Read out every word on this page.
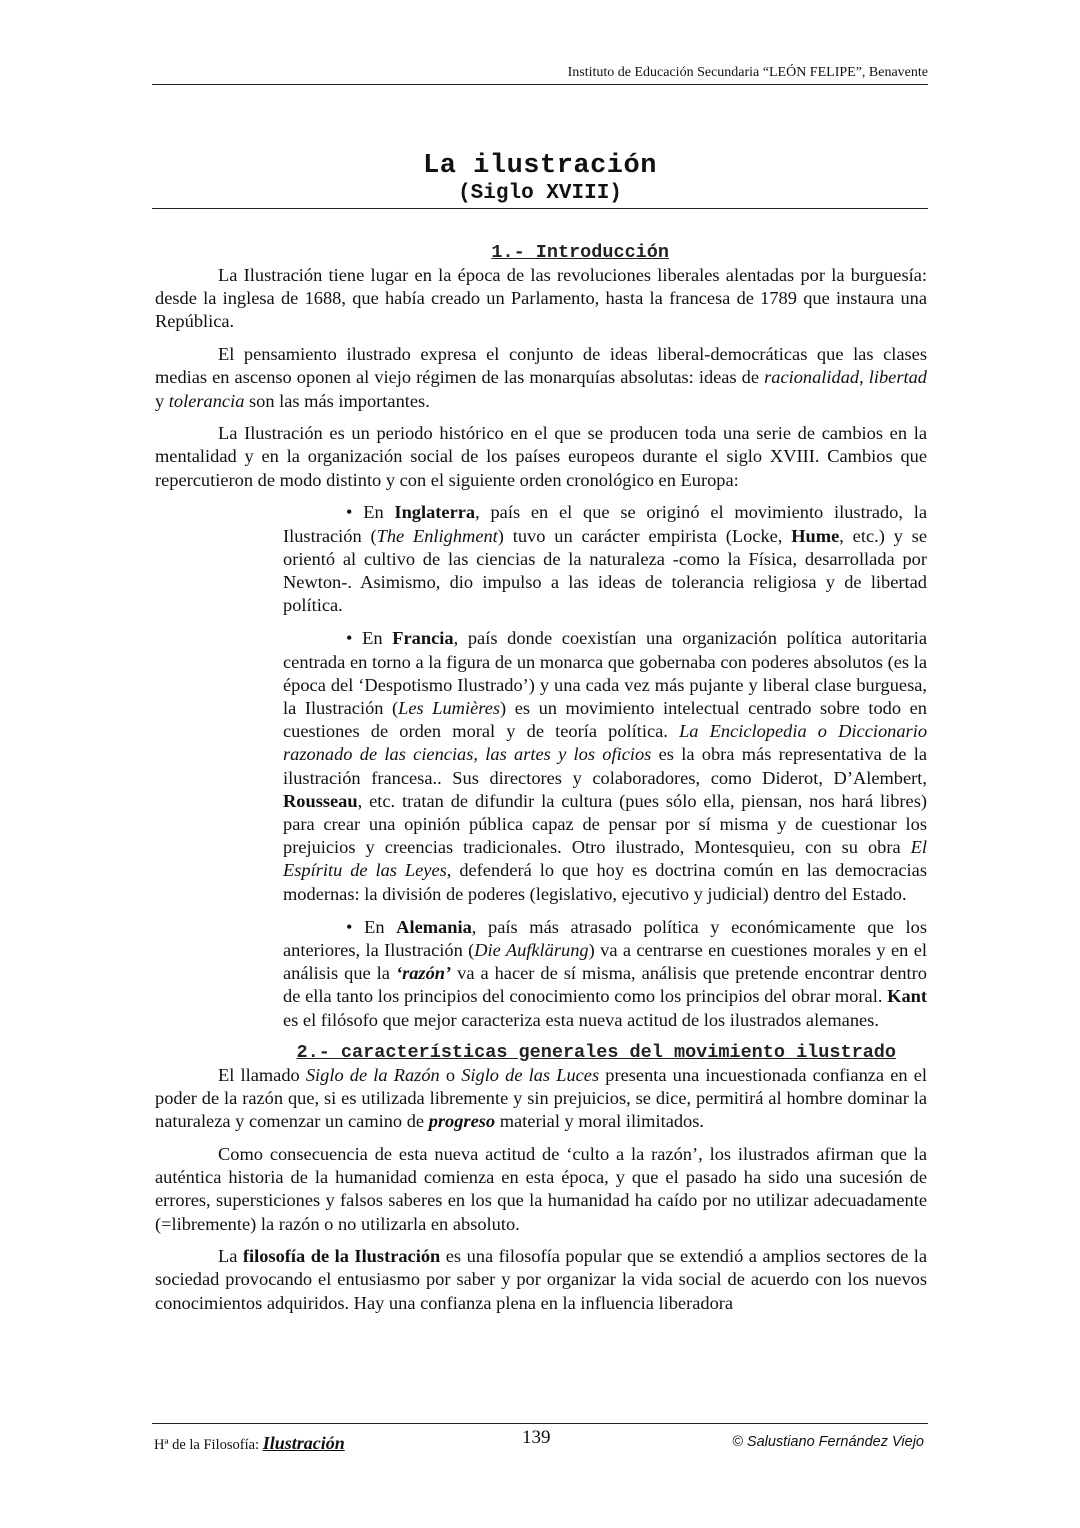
Instituto de Educación Secundaria “LEÓN FELIPE”, Benavente
La ilustración
(Siglo XVIII)
1.- Introducción

La Ilustración tiene lugar en la época de las revoluciones liberales alentadas por la burguesía: desde la inglesa de 1688, que había creado un Parlamento, hasta la francesa de 1789 que instaura una República.

El pensamiento ilustrado expresa el conjunto de ideas liberal-democráticas que las clases medias en ascenso oponen al viejo régimen de las monarquías absolutas: ideas de racionalidad, libertad y tolerancia son las más importantes.

La Ilustración es un periodo histórico en el que se producen toda una serie de cambios en la mentalidad y en la organización social de los países europeos durante el siglo XVIII. Cambios que repercutieron de modo distinto y con el siguiente orden cronológico en Europa:

• En Inglaterra, país en el que se originó el movimiento ilustrado, la Ilustración (The Enlighment) tuvo un carácter empirista (Locke, Hume, etc.) y se orientó al cultivo de las ciencias de la naturaleza -como la Física, desarrollada por Newton-. Asimismo, dio impulso a las ideas de tolerancia religiosa y de libertad política.

• En Francia, país donde coexistían una organización política autoritaria centrada en torno a la figura de un monarca que gobernaba con poderes absolutos (es la época del ‘Despotismo Ilustrado’) y una cada vez más pujante y liberal clase burguesa, la Ilustración (Les Lumières) es un movimiento intelectual centrado sobre todo en cuestiones de orden moral y de teoría política. La Enciclopedia o Diccionario razonado de las ciencias, las artes y los oficios es la obra más representativa de la ilustración francesa.. Sus directores y colaboradores, como Diderot, D’Alembert, Rousseau, etc. tratan de difundir la cultura (pues sólo ella, piensan, nos hará libres) para crear una opinión pública capaz de pensar por sí misma y de cuestionar los prejuicios y creencias tradicionales. Otro ilustrado, Montesquieu, con su obra El Espíritu de las Leyes, defenderá lo que hoy es doctrina común en las democracias modernas: la división de poderes (legislativo, ejecutivo y judicial) dentro del Estado.

• En Alemania, país más atrasado política y económicamente que los anteriores, la Ilustración (Die Aufklärung) va a centrarse en cuestiones morales y en el análisis que la ‘razón’ va a hacer de sí misma, análisis que pretende encontrar dentro de ella tanto los principios del conocimiento como los principios del obrar moral. Kant es el filósofo que mejor caracteriza esta nueva actitud de los ilustrados alemanes.

2.- características generales del movimiento ilustrado

El llamado Siglo de la Razón o Siglo de las Luces presenta una incuestionada confianza en el poder de la razón que, si es utilizada libremente y sin prejuicios, se dice, permitirá al hombre dominar la naturaleza y comenzar un camino de progreso material y moral ilimitados.

Como consecuencia de esta nueva actitud de ‘culto a la razón’, los ilustrados afirman que la auténtica historia de la humanidad comienza en esta época, y que el pasado ha sido una sucesión de errores, supersticiones y falsos saberes en los que la humanidad ha caído por no utilizar adecuadamente (=libremente) la razón o no utilizarla en absoluto.

La filosofía de la Ilustración es una filosofía popular que se extendió a amplios sectores de la sociedad provocando el entusiasmo por saber y por organizar la vida social de acuerdo con los nuevos conocimientos adquiridos. Hay una confianza plena en la influencia liberadora

Hª de la Filosofía: Ilustración	139	© Salustiano Fernández Viejo
